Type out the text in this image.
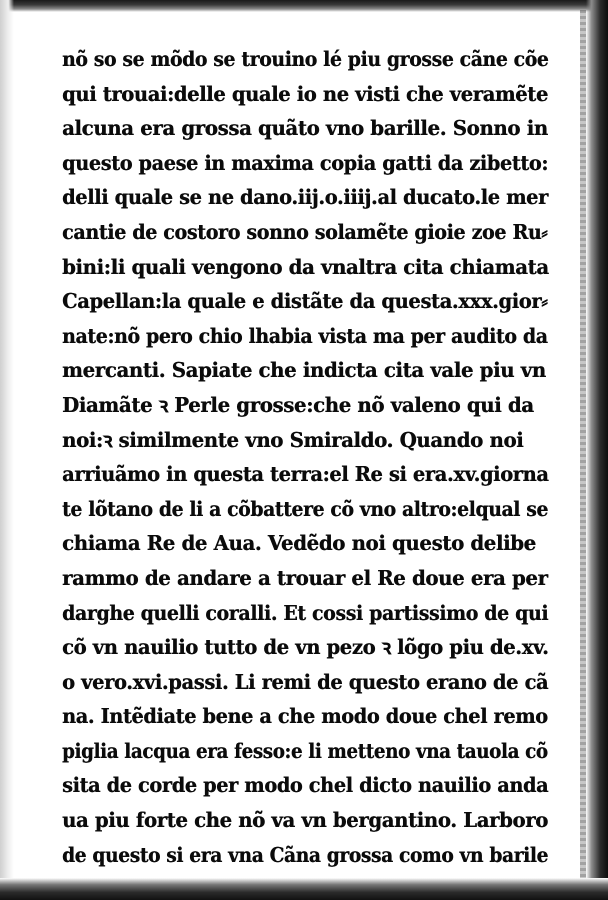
nõ so se mõdo se trouino lé piu grosse cãne cõe
qui trouai:delle quale io ne visti che veramẽte
alcuna era grossa quãto vno barille. Sonno in
questo paese in maxima copia gatti da zibetto:
delli quale se ne dano.iij.o.iiij.al ducato.le mer
cantie de costoro sonno solamẽte gioie zoe Ru⸗
bini:li quali vengono da vnaltra cita chiamata
Capellan:la quale e distãte da questa.xxx.gior⸗
nate:nõ pero chio lhabia vista ma per audito da
mercanti. Sapiate che indicta cita vale piu vn
Diamãte ꝛ Perle grosse:che nõ valeno qui da
noi:ꝛ similmente vno Smiraldo. Quando noi
arriuãmo in questa terra:el Re si era.xv.giorna
te lõtano de li a cõbattere cõ vno altro:elqual se
chiama Re de Aua. Vedẽdo noi questo delibe
rammo de andare a trouar el Re doue era per
darghe quelli coralli. Et cossi partissimo de qui
cõ vn nauilio tutto de vn pezo ꝛ lõgo piu de.xv.
o vero.xvi.passi. Li remi de questo erano de cã
na. Intẽdiate bene a che modo doue chel remo
piglia lacqua era fesso:e li metteno vna tauola cõ
sita de corde per modo chel dicto nauilio anda
ua piu forte che nõ va vn bergantino. Larboro
de questo si era vna Cãna grossa como vn barile
